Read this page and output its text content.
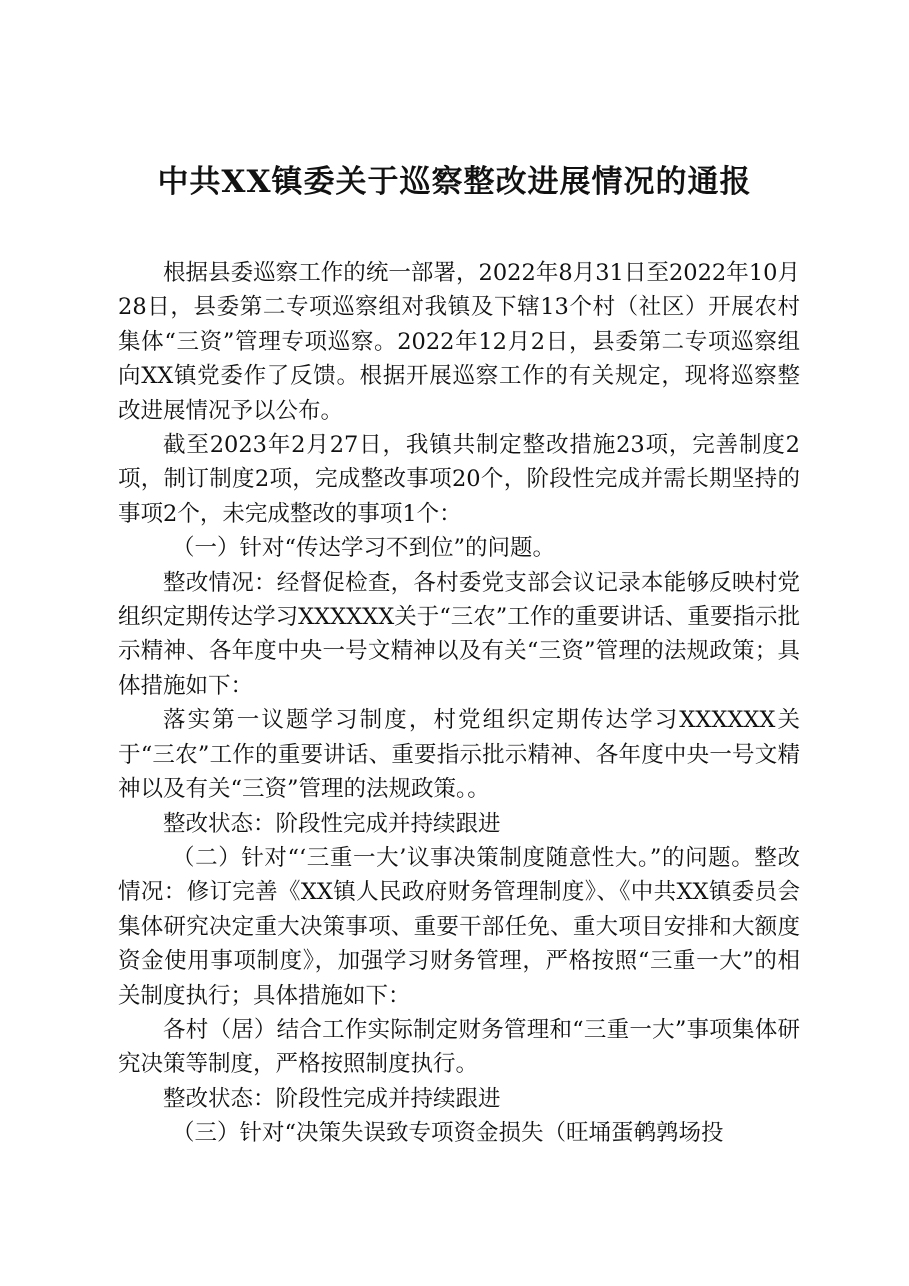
中共XX镇委关于巡察整改进展情况的通报

根据县委巡察工作的统一部署，2022年8月31日至2022年10月28日，县委第二专项巡察组对我镇及下辖13个村（社区）开展农村集体“三资”管理专项巡察。2022年12月2日，县委第二专项巡察组向XX镇党委作了反馈。根据开展巡察工作的有关规定，现将巡察整改进展情况予以公布。

截至2023年2月27日，我镇共制定整改措施23项，完善制度2项，制订制度2项，完成整改事项20个，阶段性完成并需长期坚持的事项2个，未完成整改的事项1个：

（一）针对“传达学习不到位”的问题。

整改情况：经督促检查，各村委党支部会议记录本能够反映村党组织定期传达学习XXXXXX关于“三农”工作的重要讲话、重要指示批示精神、各年度中央一号文精神以及有关“三资”管理的法规政策；具体措施如下：

落实第一议题学习制度，村党组织定期传达学习XXXXXX关于“三农”工作的重要讲话、重要指示批示精神、各年度中央一号文精神以及有关“三资”管理的法规政策。。

整改状态：阶段性完成并持续跟进

（二）针对“‘三重一大’议事决策制度随意性大。”的问题。整改情况：修订完善《XX镇人民政府财务管理制度》、《中共XX镇委员会集体研究决定重大决策事项、重要干部任免、重大项目安排和大额度资金使用事项制度》，加强学习财务管理，严格按照“三重一大”的相关制度执行；具体措施如下：

各村（居）结合工作实际制定财务管理和“三重一大”事项集体研究决策等制度，严格按照制度执行。

整改状态：阶段性完成并持续跟进

（三）针对“决策失误致专项资金损失（旺埇蛋鹌鹑场投
